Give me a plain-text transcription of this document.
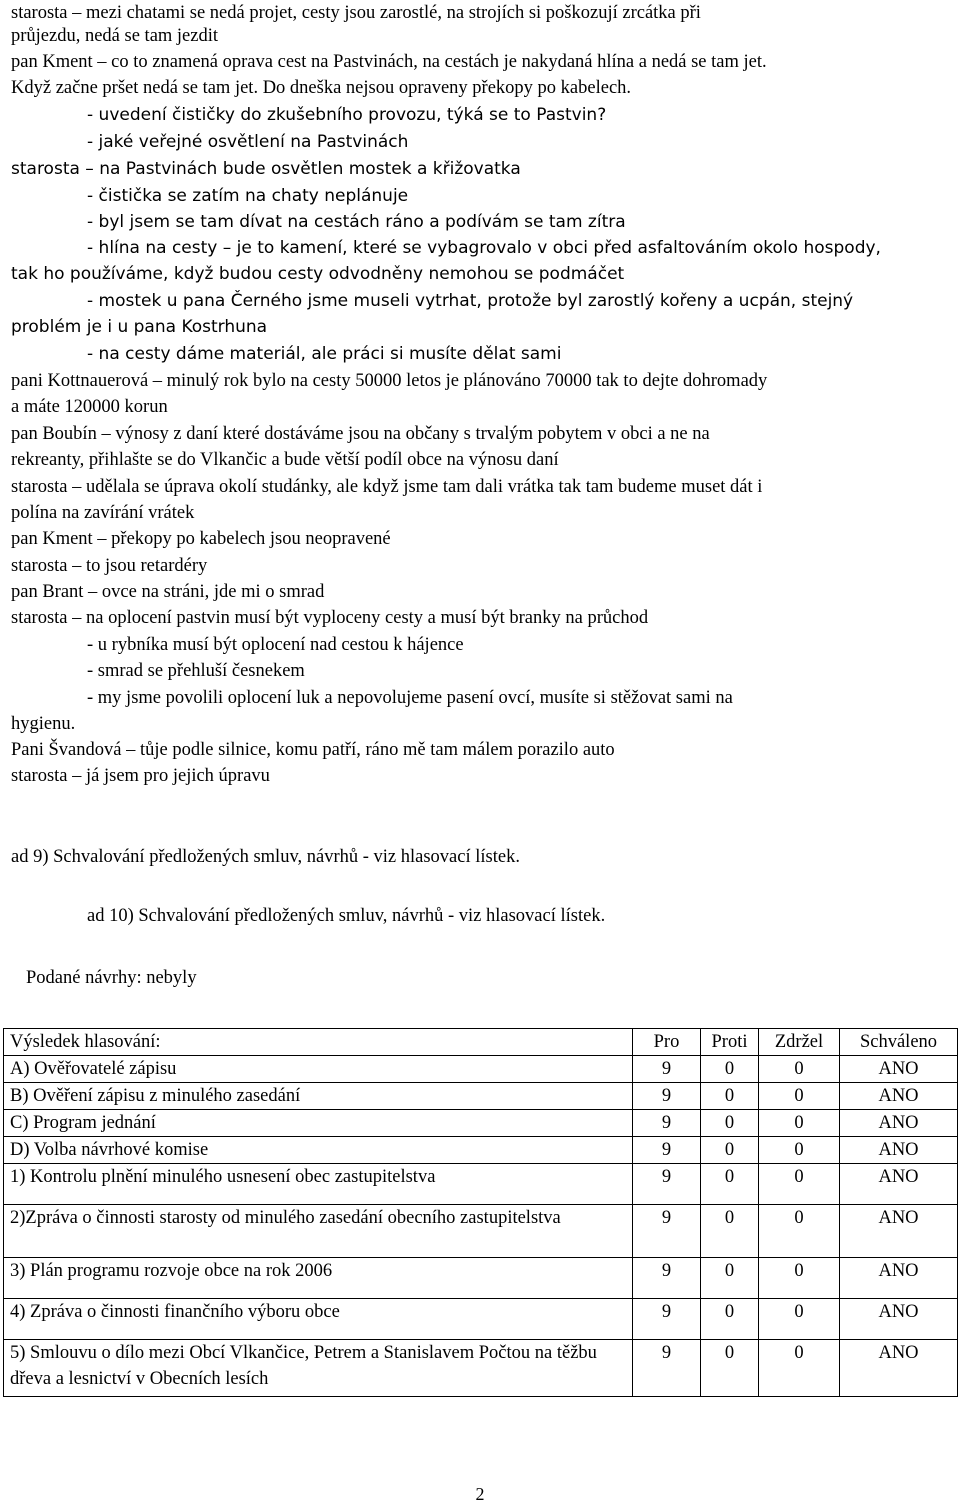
starosta – mezi chatami se nedá projet, cesty jsou zarostlé, na strojích si poškozují zrcátka při
průjezdu, nedá se tam jezdit
pan Kment – co to znamená oprava cest na Pastvinách, na cestách je nakydaná hlína a nedá se tam jet.
Když začne pršet nedá se tam jet. Do dneška nejsou opraveny překopy po kabelech.
- uvedení čističky do zkušebního provozu, týká se to Pastvin?
- jaké veřejné osvětlení na Pastvinách
starosta – na Pastvinách bude osvětlen mostek a křižovatka
- čistička se zatím na chaty neplánuje
- byl jsem se tam dívat na cestách ráno a podívám se tam zítra
- hlína na cesty – je to kamení, které se vybagrovalo v obci před asfaltováním okolo hospody,
tak ho používáme, když budou cesty odvodněny nemohou se podmáčet
- mostek u pana Černého jsme museli vytrhat, protože byl zarostlý kořeny a ucpán, stejný
problém je i u pana Kostrhuna
- na cesty dáme materiál, ale práci si musíte dělat sami
pani Kottnauerová – minulý rok bylo na cesty 50000 letos je plánováno 70000 tak to dejte dohromady
a máte 120000 korun
pan Boubín – výnosy z daní které dostáváme jsou na občany s trvalým pobytem v obci a ne na
rekreanty, přihlašte se do Vlkančic a bude větší podíl obce na výnosu daní
starosta – udělala se úprava okolí studánky, ale když jsme tam dali vrátka tak tam budeme muset dát i
polína na zavírání vrátek
pan Kment – překopy po kabelech jsou neopravené
starosta – to jsou retardéry
pan Brant – ovce na stráni, jde mi o smrad
starosta – na oplocení pastvin musí být vyploceny cesty a musí být branky na průchod
- u rybníka musí být oplocení nad cestou k hájence
- smrad se přehluší česnekem
- my jsme povolili oplocení luk a nepovolujeme pasení ovcí, musíte si stěžovat sami na
hygienu.
Pani Švandová – tůje podle silnice, komu patří, ráno mě tam málem porazilo auto
starosta – já jsem pro jejich úpravu
ad 9) Schvalování předložených smluv, návrhů - viz hlasovací lístek.
ad 10) Schvalování předložených smluv, návrhů - viz hlasovací lístek.
Podané návrhy: nebyly
Výsledek hlasování:	Pro	Proti	Zdržel	Schváleno
A) Ověřovatelé zápisu	9	0	0	ANO
B) Ověření zápisu z minulého zasedání	9	0	0	ANO
C) Program jednání	9	0	0	ANO
D) Volba návrhové komise	9	0	0	ANO
1) Kontrolu plnění minulého usnesení obec zastupitelstva	9	0	0	ANO
2)Zpráva o činnosti starosty od minulého zasedání obecního zastupitelstva	9	0	0	ANO
3) Plán programu rozvoje obce na rok 2006	9	0	0	ANO
4) Zpráva o činnosti finančního výboru obce	9	0	0	ANO
5) Smlouvu o dílo mezi Obcí Vlkančice, Petrem a Stanislavem Počtou na těžbu dřeva a lesnictví v Obecních lesích	9	0	0	ANO
2
